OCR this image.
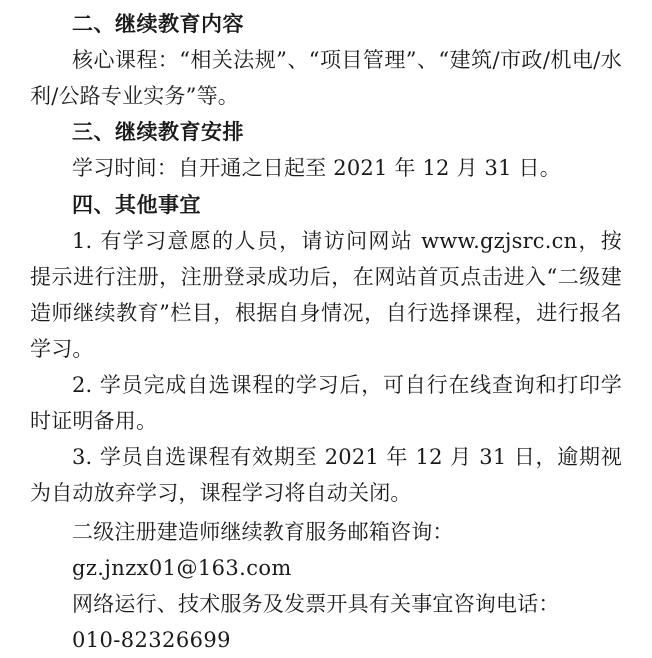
二、继续教育内容

核心课程：“相关法规”、“项目管理”、“建筑/市政/机电/水利/公路专业实务”等。

三、继续教育安排

学习时间：自开通之日起至 2021 年 12 月 31 日。

四、其他事宜

1. 有学习意愿的人员，请访问网站 www.gzjsrc.cn，按提示进行注册，注册登录成功后，在网站首页点击进入“二级建造师继续教育”栏目，根据自身情况，自行选择课程，进行报名学习。

2. 学员完成自选课程的学习后，可自行在线查询和打印学时证明备用。

3. 学员自选课程有效期至 2021 年 12 月 31 日，逾期视为自动放弃学习，课程学习将自动关闭。

二级注册建造师继续教育服务邮箱咨询：

gz.jnzx01@163.com

网络运行、技术服务及发票开具有关事宜咨询电话：

010-82326699
